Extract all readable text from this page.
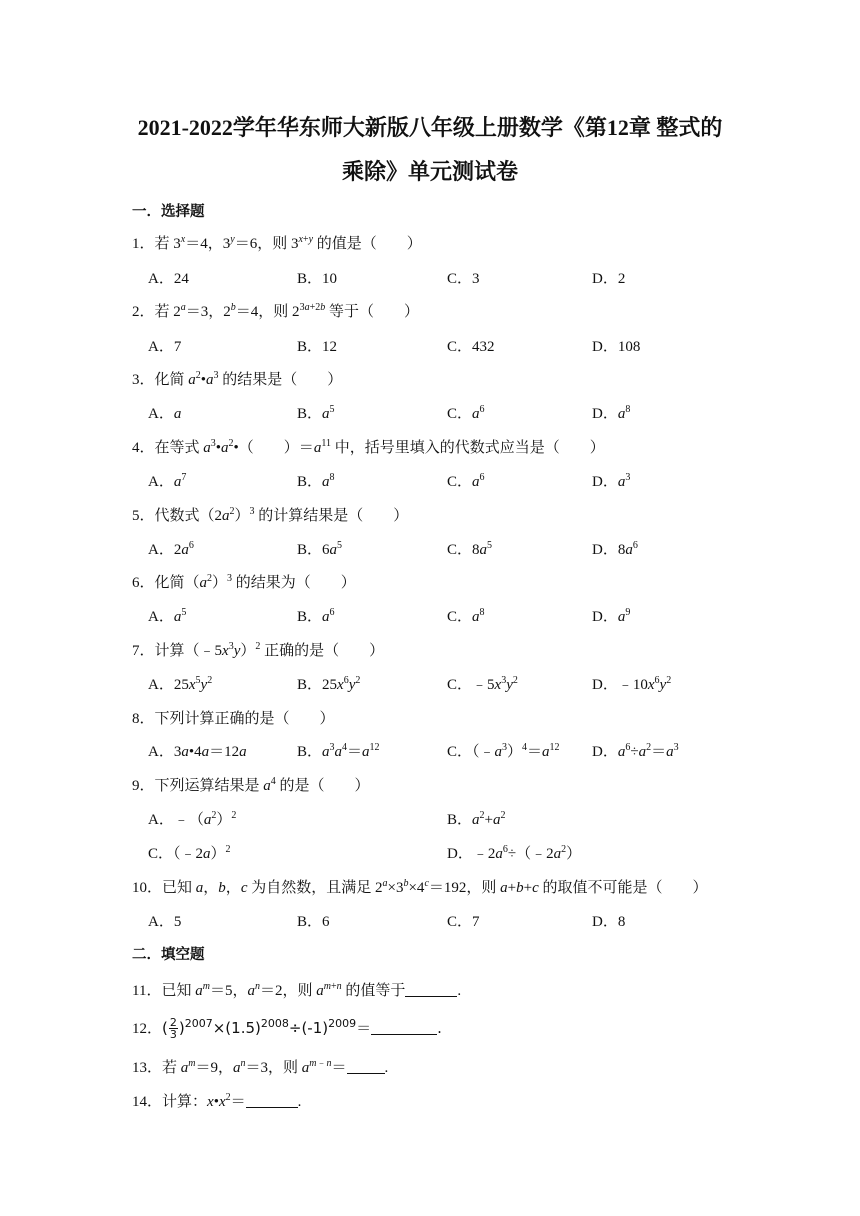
2021-2022学年华东师大新版八年级上册数学《第12章 整式的
乘除》单元测试卷
一．选择题
1．若 $3^x=4$，$3^y=6$，则 $3^{x+y}$ 的值是（　　）
A．24	B．10	C．3	D．2
2．若 $2^a=3$，$2^b=4$，则 $2^{3a+2b}$ 等于（　　）
A．7	B．12	C．432	D．108
3．化简 $a^2•a^3$ 的结果是（　　）
A．a	B．$a^5$	C．$a^6$	D．$a^8$
4．在等式 $a^3•a^2•$（　　）$=a^{11}$ 中，括号里填入的代数式应当是（　　）
A．$a^7$	B．$a^8$	C．$a^6$	D．$a^3$
5．代数式$(2a^2)^3$ 的计算结果是（　　）
A．$2a^6$	B．$6a^5$	C．$8a^5$	D．$8a^6$
6．化简$(a^2)^3$ 的结果为（　　）
A．$a^5$	B．$a^6$	C．$a^8$	D．$a^9$
7．计算$(﹣5x^3y)^2$ 正确的是（　　）
A．$25x^5y^2$	B．$25x^6y^2$	C．$﹣5x^3y^2$	D．$﹣10x^6y^2$
8．下列计算正确的是（　　）
A．3a•4a＝12a	B．$a^3a^4=a^{12}$	C．$(﹣a^3)^4=a^{12}$ D．$a^6\div a^2=a^3$
9．下列运算结果是 $a^4$ 的是（　　）
A．$﹣(a^2)^2$	B．$a^2+a^2$
C．（﹣2a）$^2$	D．$﹣2a^6\div(﹣2a^2)$
10．已知 a，b，c 为自然数，且满足 $2^a\times 3^b\times 4^c=192$，则 a+b+c 的取值不可能是（　　）
A．5	B．6	C．7	D．8
二．填空题
11．已知 $a^m=5$，$a^n=2$，则 $a^{m+n}$ 的值等于	.
12．( $\frac{2}{3} )^{2007}\times(1.5)^{2008}\div(-1)^{2009}=$	.
13．若 $a^m=9$，$a^n=3$，则 $a^{m﹣n}=$	.
14．计算：$x•x^2=$	.
